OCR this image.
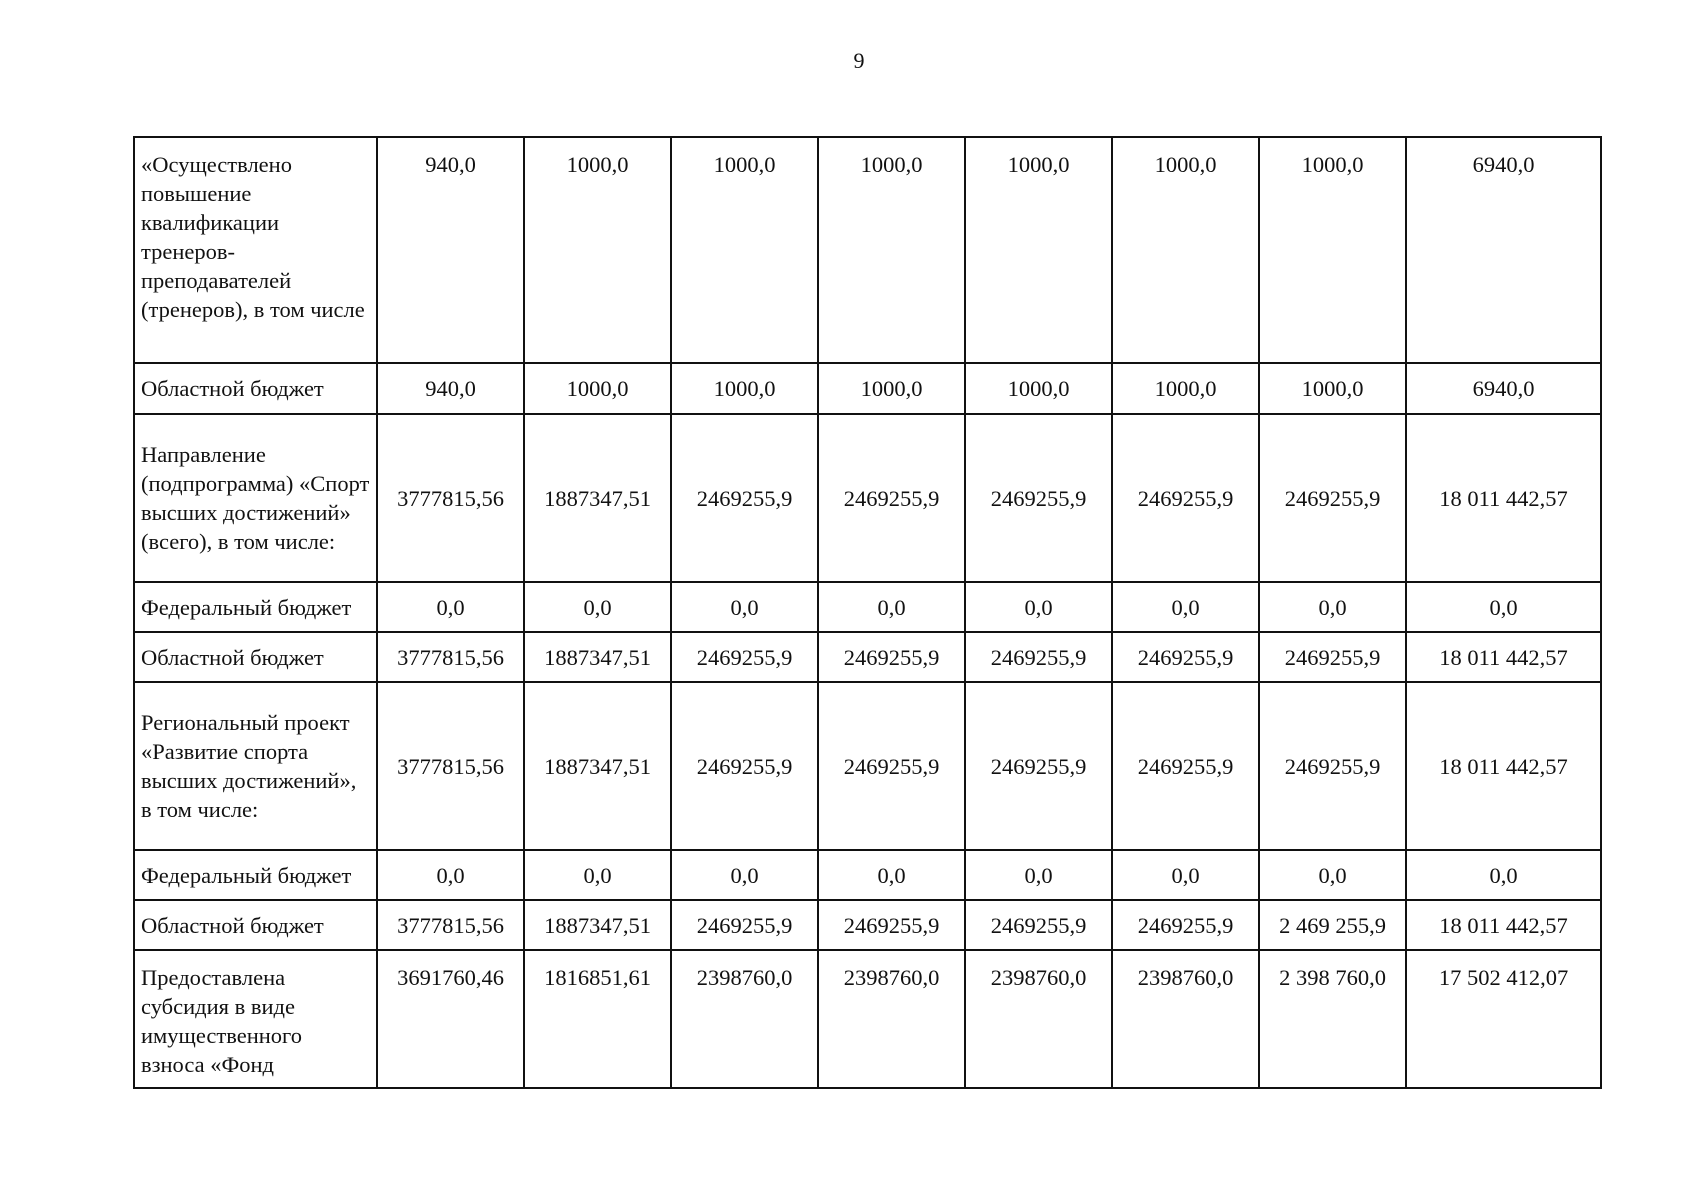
9
«Осуществлено повышение квалификации тренеров-преподавателей (тренеров), в том числе	940,0	1000,0	1000,0	1000,0	1000,0	1000,0	1000,0	6940,0
Областной бюджет	940,0	1000,0	1000,0	1000,0	1000,0	1000,0	1000,0	6940,0
Направление (подпрограмма) «Спорт высших достижений» (всего), в том числе:	3777815,56	1887347,51	2469255,9	2469255,9	2469255,9	2469255,9	2469255,9	18 011 442,57
Федеральный бюджет	0,0	0,0	0,0	0,0	0,0	0,0	0,0	0,0
Областной бюджет	3777815,56	1887347,51	2469255,9	2469255,9	2469255,9	2469255,9	2469255,9	18 011 442,57
Региональный проект «Развитие спорта высших достижений», в том числе:	3777815,56	1887347,51	2469255,9	2469255,9	2469255,9	2469255,9	2469255,9	18 011 442,57
Федеральный бюджет	0,0	0,0	0,0	0,0	0,0	0,0	0,0	0,0
Областной бюджет	3777815,56	1887347,51	2469255,9	2469255,9	2469255,9	2469255,9	2 469 255,9	18 011 442,57
Предоставлена субсидия в виде имущественного взноса «Фонд	3691760,46	1816851,61	2398760,0	2398760,0	2398760,0	2398760,0	2 398 760,0	17 502 412,07
